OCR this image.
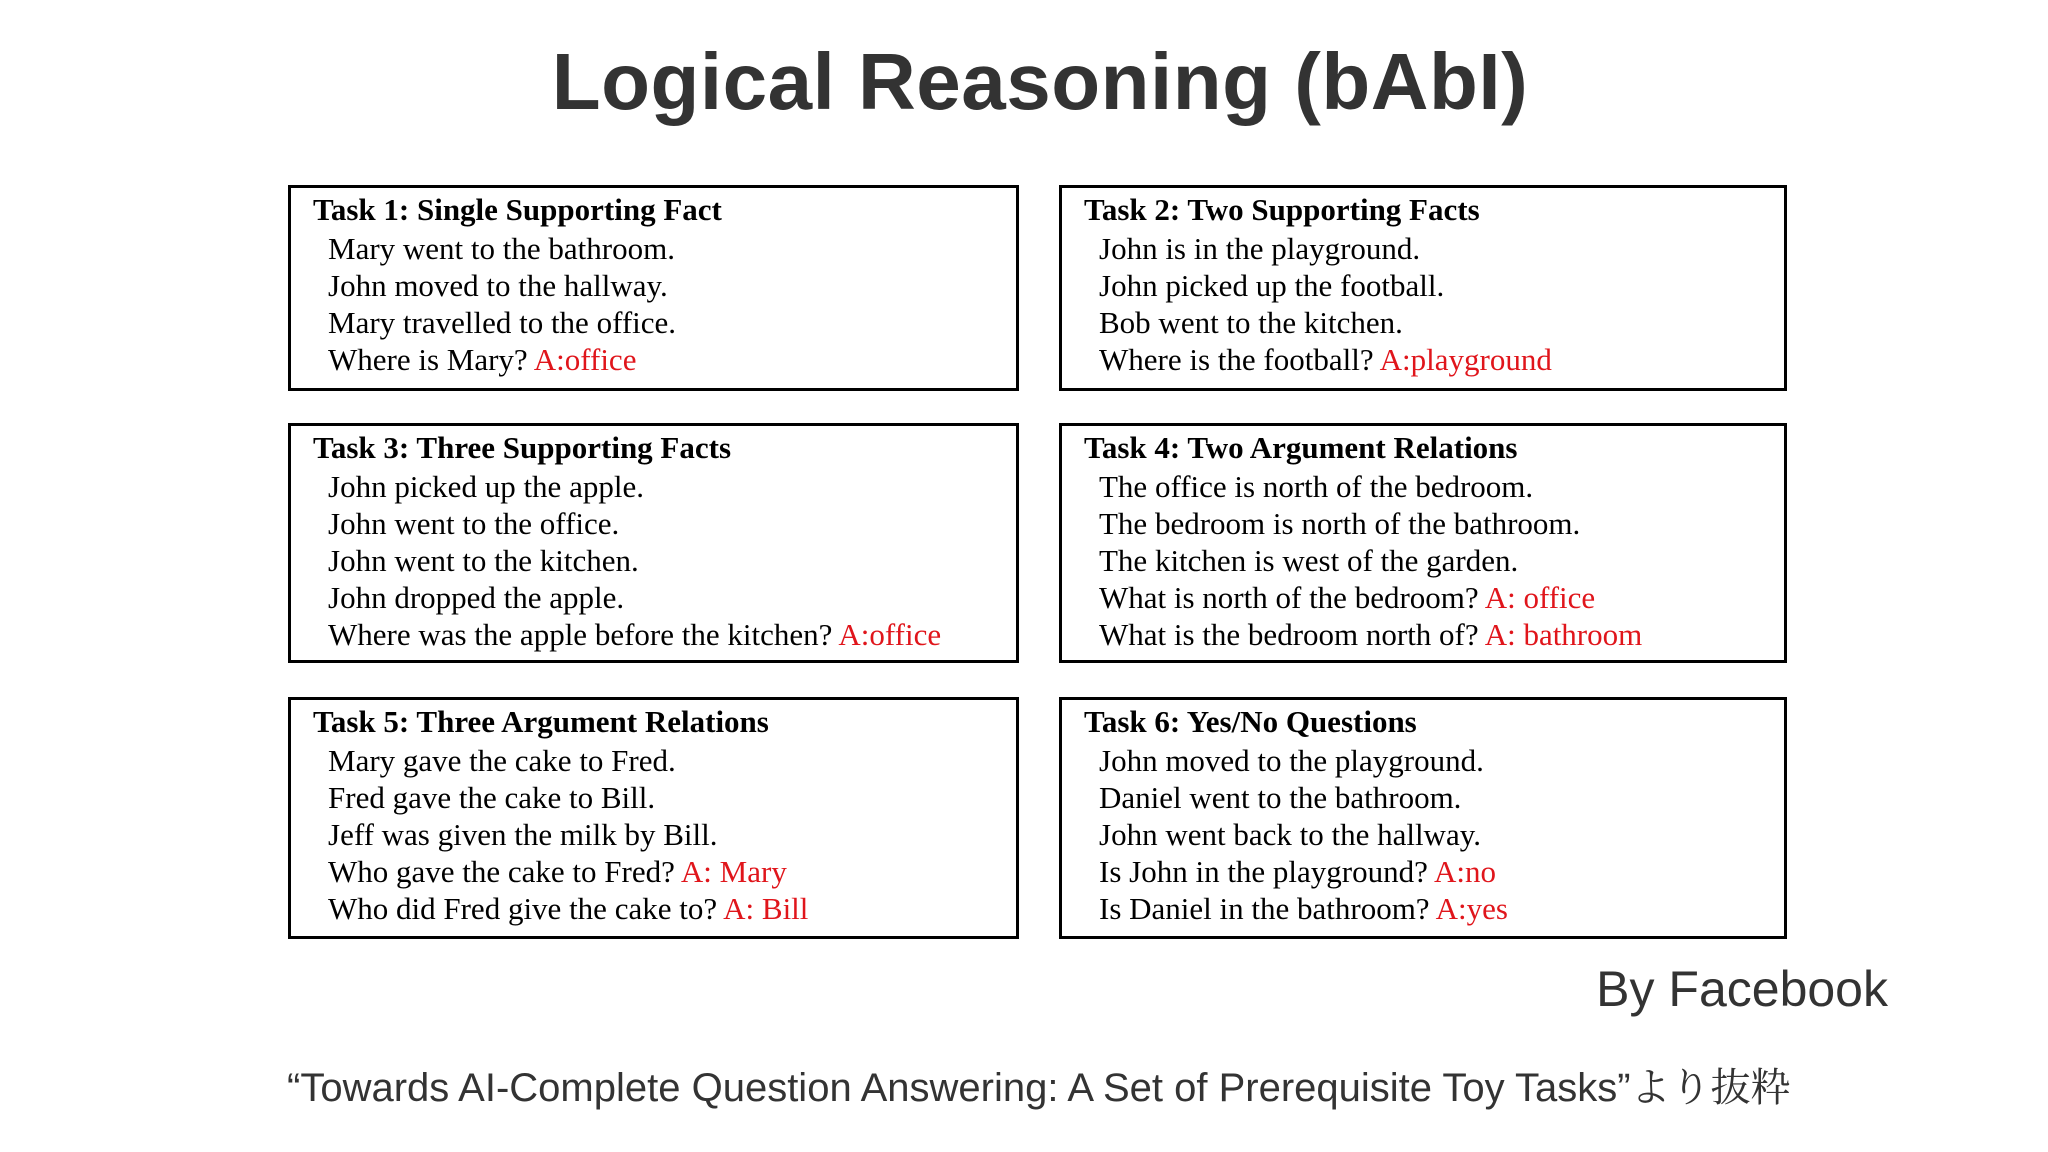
Logical Reasoning (bAbI)
Task 1: Single Supporting Fact
Mary went to the bathroom.
John moved to the hallway.
Mary travelled to the office.
Where is Mary? A:office
Task 2: Two Supporting Facts
John is in the playground.
John picked up the football.
Bob went to the kitchen.
Where is the football? A:playground
Task 3: Three Supporting Facts
John picked up the apple.
John went to the office.
John went to the kitchen.
John dropped the apple.
Where was the apple before the kitchen? A:office
Task 4: Two Argument Relations
The office is north of the bedroom.
The bedroom is north of the bathroom.
The kitchen is west of the garden.
What is north of the bedroom? A: office
What is the bedroom north of? A: bathroom
Task 5: Three Argument Relations
Mary gave the cake to Fred.
Fred gave the cake to Bill.
Jeff was given the milk by Bill.
Who gave the cake to Fred? A: Mary
Who did Fred give the cake to? A: Bill
Task 6: Yes/No Questions
John moved to the playground.
Daniel went to the bathroom.
John went back to the hallway.
Is John in the playground? A:no
Is Daniel in the bathroom? A:yes
By Facebook
“Towards AI-Complete Question Answering: A Set of Prerequisite Toy Tasks”より抜粋
